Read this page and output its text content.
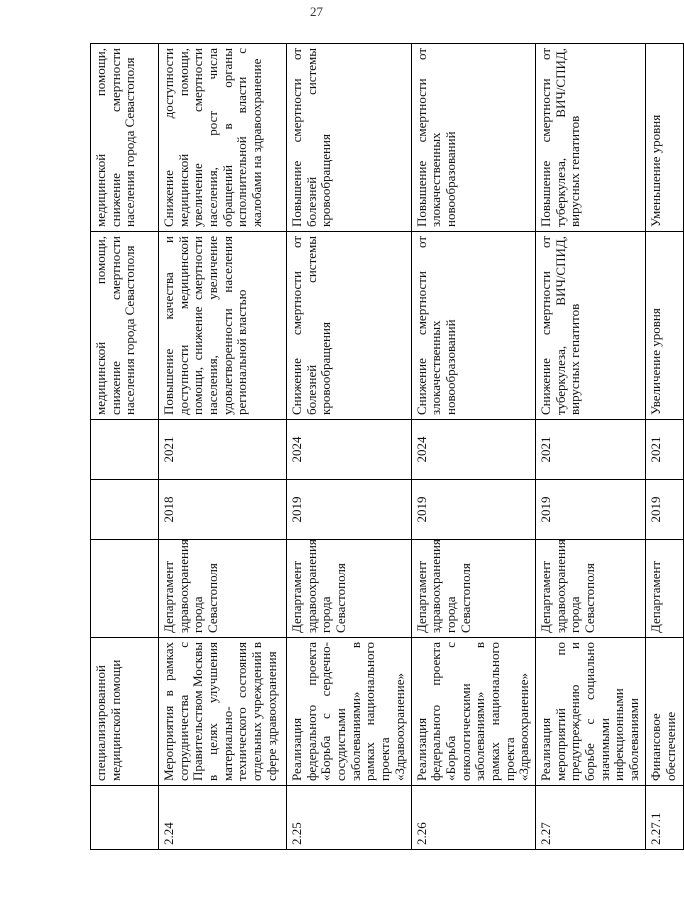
27
	специализированной медицинской помощи				медицинской помощи, снижение смертности населения города Севастополя	медицинской помощи, снижение смертности населения города Севастополя
2.24	Мероприятия в рамках сотрудничества с Правительством Москвы в целях улучшения материально-технического состояния отдельных учреждений в сфере здравоохранения	Департамент здравоохранения города Севастополя	2018	2021	Повышение качества и доступности медицинской помощи, снижение смертности населения, увеличение удовлетворенности населения региональной властью	Снижение доступности медицинской помощи, увеличение смертности населения, рост числа обращений в органы исполнительной власти с жалобами на здравоохранение
2.25	Реализация федерального проекта «Борьба с сердечно-сосудистыми заболеваниями» в рамках национального проекта «Здравоохранение»	Департамент здравоохранения города Севастополя	2019	2024	Снижение смертности от болезней системы кровообращения	Повышение смертности от болезней системы кровообращения
2.26	Реализация федерального проекта «Борьба с онкологическими заболеваниями» в рамках национального проекта «Здравоохранение»	Департамент здравоохранения города Севастополя	2019	2024	Снижение смертности от злокачественных новообразований	Повышение смертности от злокачественных новообразований
2.27	Реализация мероприятий по предупреждению и борьбе с социально значимыми инфекционными заболеваниями	Департамент здравоохранения города Севастополя	2019	2021	Снижение смертности от туберкулеза, ВИЧ/СПИД, вирусных гепатитов	Повышение смертности от туберкулеза, ВИЧ/СПИД, вирусных гепатитов
2.27.1	Финансовое обеспечение	Департамент	2019	2021	Увеличение уровня	Уменьшение уровня
